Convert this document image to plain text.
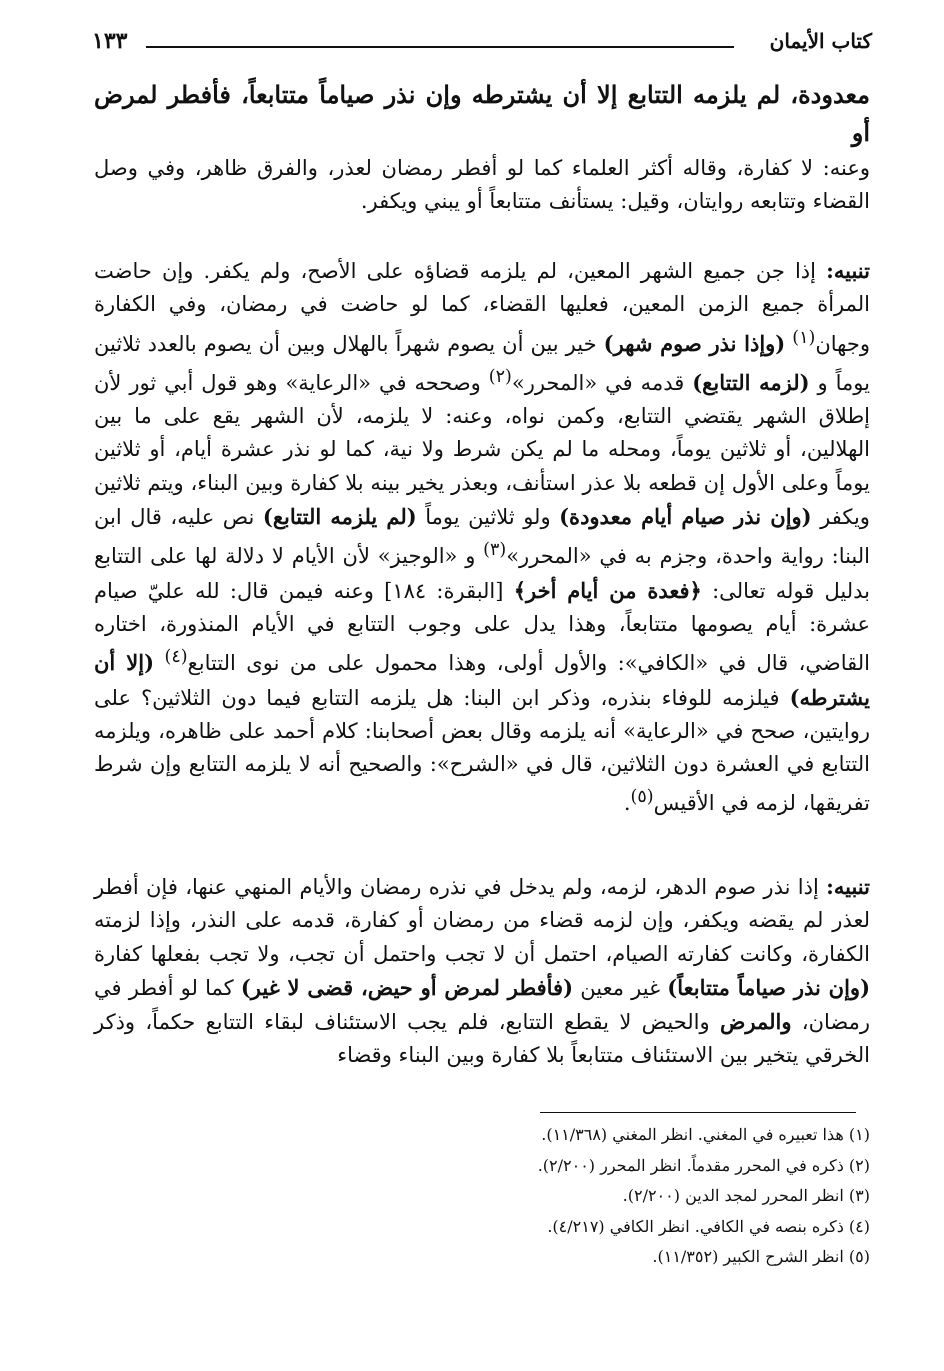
كتاب الأيمان
١٣٣
معدودة، لم يلزمه التتابع إلا أن يشترطه وإن نذر صياماً متتابعاً، فأفطر لمرض أو
وعنه: لا كفارة، وقاله أكثر العلماء كما لو أفطر رمضان لعذر، والفرق ظاهر، وفي وصل القضاء وتتابعه روايتان، وقيل: يستأنف متتابعاً أو يبني ويكفر.
تنبيه: إذا جن جميع الشهر المعين، لم يلزمه قضاؤه على الأصح، ولم يكفر. وإن حاضت المرأة جميع الزمن المعين، فعليها القضاء، كما لو حاضت في رمضان، وفي الكفارة وجهان$^{(١)}$ (وإذا نذر صوم شهر) خير بين أن يصوم شهراً بالهلال وبين أن يصوم بالعدد ثلاثين يوماً و (لزمه التتابع) قدمه في «المحرر»$^{(٢)}$ وصححه في «الرعاية» وهو قول أبي ثور لأن إطلاق الشهر يقتضي التتابع، وكمن نواه، وعنه: لا يلزمه، لأن الشهر يقع على ما بين الهلالين، أو ثلاثين يوماً، ومحله ما لم يكن شرط ولا نية، كما لو نذر عشرة أيام، أو ثلاثين يوماً وعلى الأول إن قطعه بلا عذر استأنف، وبعذر يخير بينه بلا كفارة وبين البناء، ويتم ثلاثين ويكفر (وإن نذر صيام أيام معدودة) ولو ثلاثين يوماً (لم يلزمه التتابع) نص عليه، قال ابن البنا: رواية واحدة، وجزم به في «المحرر»$^{(٣)}$ و «الوجيز» لأن الأيام لا دلالة لها على التتابع بدليل قوله تعالى: ﴿فعدة من أيام أخر﴾ [البقرة: ١٨٤] وعنه فيمن قال: لله عليّ صيام عشرة: أيام يصومها متتابعاً، وهذا يدل على وجوب التتابع في الأيام المنذورة، اختاره القاضي، قال في «الكافي»: والأول أولى، وهذا محمول على من نوى التتابع$^{(٤)}$ (إلا أن يشترطه) فيلزمه للوفاء بنذره، وذكر ابن البنا: هل يلزمه التتابع فيما دون الثلاثين؟ على روايتين، صحح في «الرعاية» أنه يلزمه وقال بعض أصحابنا: كلام أحمد على ظاهره، ويلزمه التتابع في العشرة دون الثلاثين، قال في «الشرح»: والصحيح أنه لا يلزمه التتابع وإن شرط تفريقها، لزمه في الأقيس$^{(٥)}$.
تنبيه: إذا نذر صوم الدهر، لزمه، ولم يدخل في نذره رمضان والأيام المنهي عنها، فإن أفطر لعذر لم يقضه ويكفر، وإن لزمه قضاء من رمضان أو كفارة، قدمه على النذر، وإذا لزمته الكفارة، وكانت كفارته الصيام، احتمل أن لا تجب واحتمل أن تجب، ولا تجب بفعلها كفارة (وإن نذر صياماً متتابعاً) غير معين (فأفطر لمرض أو حيض، قضى لا غير) كما لو أفطر في رمضان، والمرض والحيض لا يقطع التتابع، فلم يجب الاستئناف لبقاء التتابع حكماً، وذكر الخرقي يتخير بين الاستئناف متتابعاً بلا كفارة وبين البناء وقضاء
(١) هذا تعبيره في المغني. انظر المغني (١١/٣٦٨).
(٢) ذكره في المحرر مقدماً. انظر المحرر (٢/٢٠٠).
(٣) انظر المحرر لمجد الدين (٢/٢٠٠).
(٤) ذكره بنصه في الكافي. انظر الكافي (٤/٢١٧).
(٥) انظر الشرح الكبير (١١/٣٥٢).
